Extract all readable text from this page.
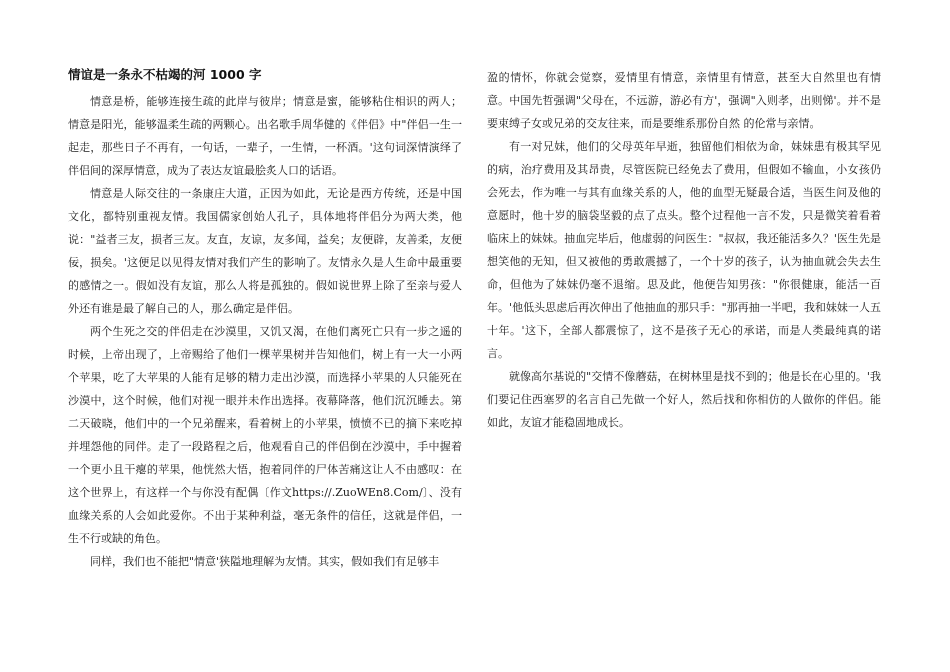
情谊是一条永不枯竭的河 1000 字

情意是桥，能够连接生疏的此岸与彼岸；情意是蜜，能够粘住相识的两人；情意是阳光，能够温柔生疏的两颗心。出名歌手周华健的《伴侣》中"伴侣一生一起走，那些日子不再有，一句话，一辈子，一生情，一杯酒。'这句词深情演绎了伴侣间的深厚情意，成为了表达友谊最脍炙人口的话语。

情意是人际交往的一条康庄大道，正因为如此，无论是西方传统，还是中国文化，都特别重视友情。我国儒家创始人孔子，具体地将伴侣分为两大类，他说："益者三友，损者三友。友直，友谅，友多闻，益矣；友便辟，友善柔，友便佞，损矣。'这便足以见得友情对我们产生的影响了。友情永久是人生命中最重要的感情之一。假如没有友谊，那么人将是孤独的。假如说世界上除了至亲与爱人外还有谁是最了解自己的人，那么确定是伴侣。

两个生死之交的伴侣走在沙漠里，又饥又渴，在他们离死亡只有一步之遥的时候，上帝出现了，上帝赐给了他们一棵苹果树并告知他们，树上有一大一小两个苹果，吃了大苹果的人能有足够的精力走出沙漠，而选择小苹果的人只能死在沙漠中，这个时候，他们对视一眼并未作出选择。夜幕降落，他们沉沉睡去。第二天破晓，他们中的一个兄弟醒来，看着树上的小苹果，愤愤不已的摘下来吃掉并埋怨他的同伴。走了一段路程之后，他观看自己的伴侣倒在沙漠中，手中握着一个更小且干瘪的苹果，他恍然大悟，抱着同伴的尸体苦痛这让人不由感叹：在这个世界上，有这样一个与你没有配偶〔作文https://.ZuoWEn8.Com/〕、没有血缘关系的人会如此爱你。不出于某种利益，毫无条件的信任，这就是伴侣，一生不行或缺的角色。

同样，我们也不能把"情意'狭隘地理解为友情。其实，假如我们有足够丰

盈的情怀，你就会觉察，爱情里有情意，亲情里有情意，甚至大自然里也有情意。中国先哲强调"父母在，不远游，游必有方'，强调"入则孝，出则悌'。并不是要束缚子女或兄弟的交友往来，而是要维系那份自然 的伦常与亲情。

有一对兄妹，他们的父母英年早逝，独留他们相依为命，妹妹患有极其罕见的病，治疗费用及其昂贵，尽管医院已经免去了费用，但假如不输血，小女孩仍会死去，作为唯一与其有血缘关系的人，他的血型无疑最合适，当医生问及他的意愿时，他十岁的脑袋坚毅的点了点头。整个过程他一言不发，只是微笑着看着临床上的妹妹。抽血完毕后，他虚弱的问医生："叔叔，我还能活多久？'医生先是想笑他的无知，但又被他的勇敢震撼了，一个十岁的孩子，认为抽血就会失去生命，但他为了妹妹仍毫不退缩。思及此，他便告知男孩："你很健康，能活一百年。'他低头思虑后再次伸出了他抽血的那只手："那再抽一半吧，我和妹妹一人五十年。'这下，全部人都震惊了，这不是孩子无心的承诺，而是人类最纯真的诺言。

就像高尔基说的"交情不像蘑菇，在树林里是找不到的；他是长在心里的。'我们要记住西塞罗的名言自己先做一个好人，然后找和你相仿的人做你的伴侣。能如此，友谊才能稳固地成长。
